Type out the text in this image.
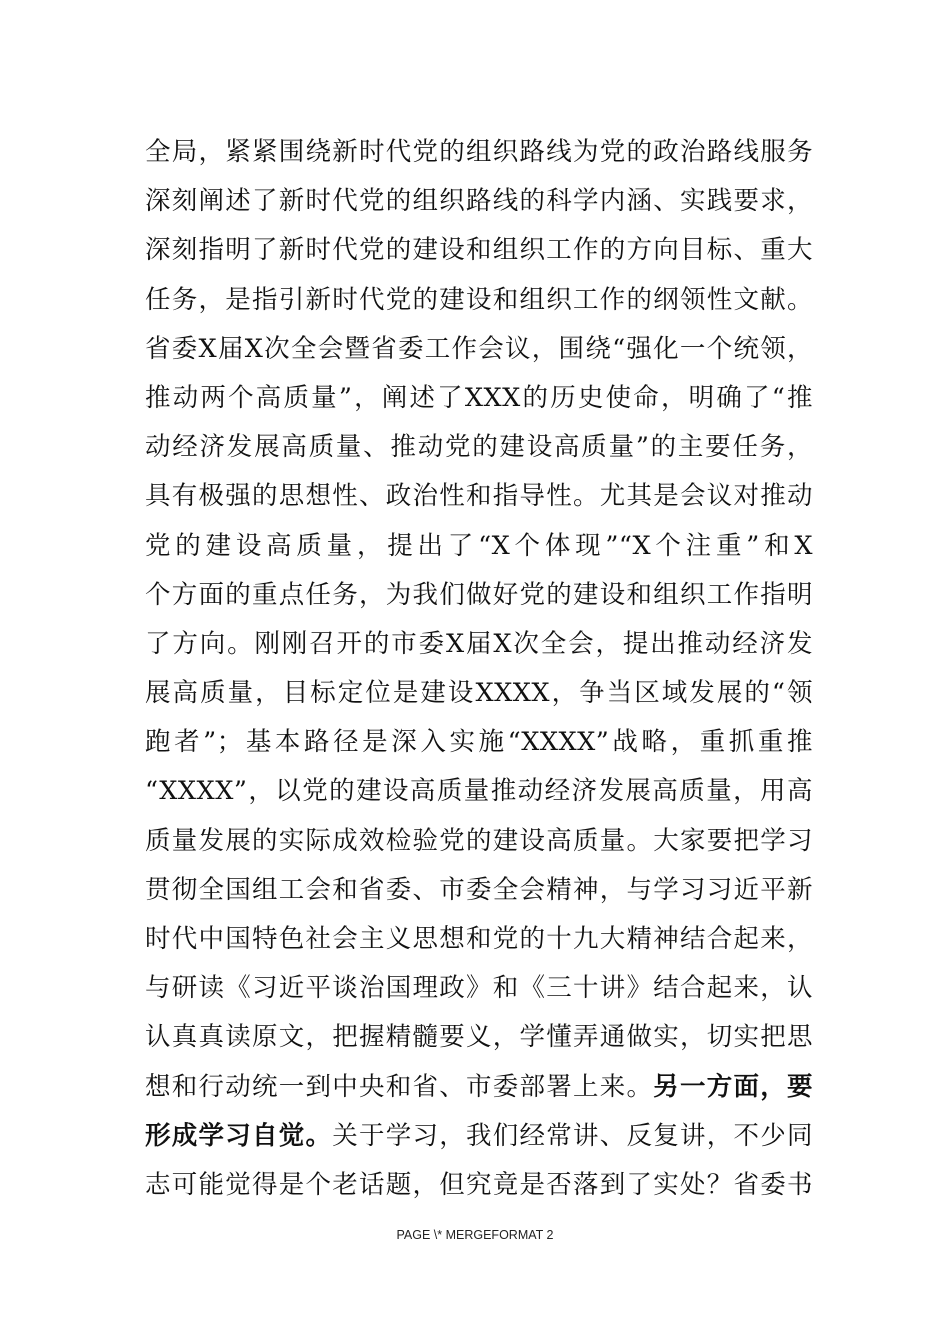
全局，紧紧围绕新时代党的组织路线为党的政治路线服务
深刻阐述了新时代党的组织路线的科学内涵、实践要求，
深刻指明了新时代党的建设和组织工作的方向目标、重大
任务，是指引新时代党的建设和组织工作的纲领性文献。
省委X届X次全会暨省委工作会议，围绕“强化一个统领，
推动两个高质量”，阐述了XXX的历史使命，明确了“推
动经济发展高质量、推动党的建设高质量”的主要任务，
具有极强的思想性、政治性和指导性。尤其是会议对推动
党的建设高质量，提出了“X个体现”“X个注重”和X
个方面的重点任务，为我们做好党的建设和组织工作指明
了方向。刚刚召开的市委X届X次全会，提出推动经济发
展高质量，目标定位是建设XXXX，争当区域发展的“领
跑者”；基本路径是深入实施“XXXX”战略，重抓重推
“XXXX”，以党的建设高质量推动经济发展高质量，用高
质量发展的实际成效检验党的建设高质量。大家要把学习
贯彻全国组工会和省委、市委全会精神，与学习习近平新
时代中国特色社会主义思想和党的十九大精神结合起来，
与研读《习近平谈治国理政》和《三十讲》结合起来，认
认真真读原文，把握精髓要义，学懂弄通做实，切实把思
想和行动统一到中央和省、市委部署上来。另一方面，要
形成学习自觉。关于学习，我们经常讲、反复讲，不少同
志可能觉得是个老话题，但究竟是否落到了实处？省委书
PAGE \* MERGEFORMAT 2
